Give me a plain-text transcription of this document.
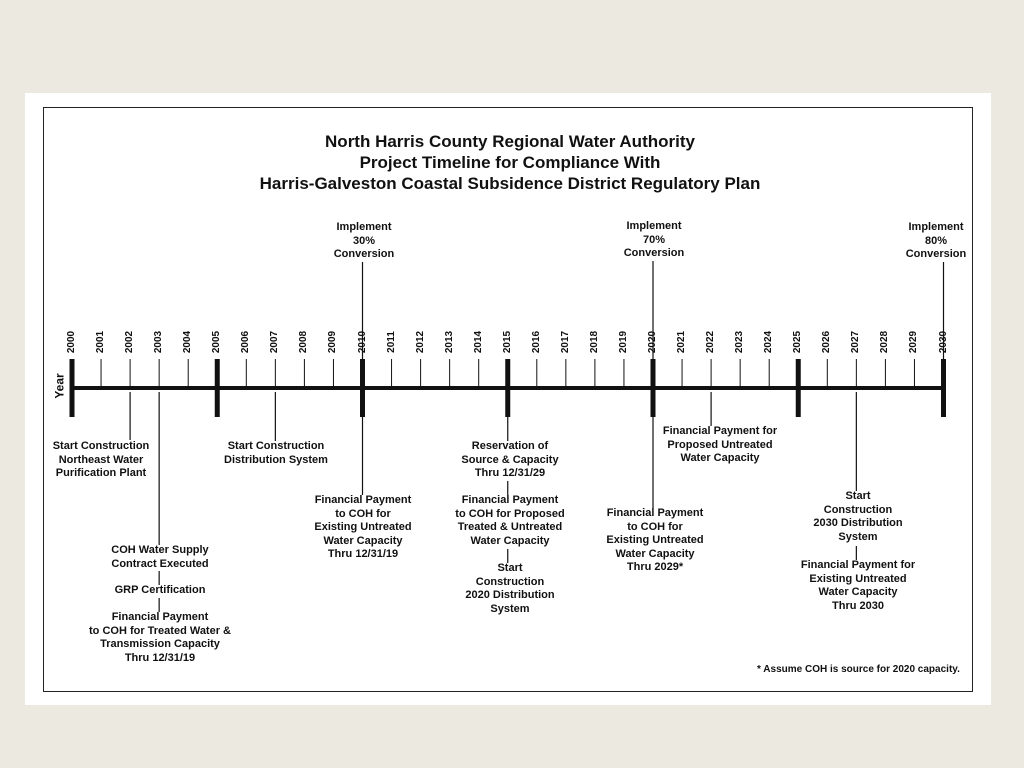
North Harris County Regional Water Authority
Project Timeline for Compliance With
Harris-Galveston Coastal Subsidence District Regulatory Plan
Year
2000 2001 2002 2003 2004 2005 2006 2007 2008 2009 2010 2011 2012 2013 2014 2015 2016 2017 2018 2019 2020 2021 2022 2023 2024 2025 2026 2027 2028 2029 2030
Implement
30%
Conversion
Implement
70%
Conversion
Implement
80%
Conversion
Start Construction
Northeast Water
Purification Plant
COH Water Supply
Contract Executed
GRP Certification
Financial Payment
to COH for Treated Water &
Transmission Capacity
Thru 12/31/19
Start Construction
Distribution System
Financial Payment
to COH for
Existing Untreated
Water Capacity
Thru 12/31/19
Reservation of
Source & Capacity
Thru 12/31/29
Financial Payment
to COH for Proposed
Treated & Untreated
Water Capacity
Start
Construction
2020 Distribution
System
Financial Payment
to COH for
Existing Untreated
Water Capacity
Thru 2029*
Financial Payment for
Proposed Untreated
Water Capacity
Start
Construction
2030 Distribution
System
Financial Payment for
Existing Untreated
Water Capacity
Thru 2030
* Assume COH is source for 2020 capacity.
